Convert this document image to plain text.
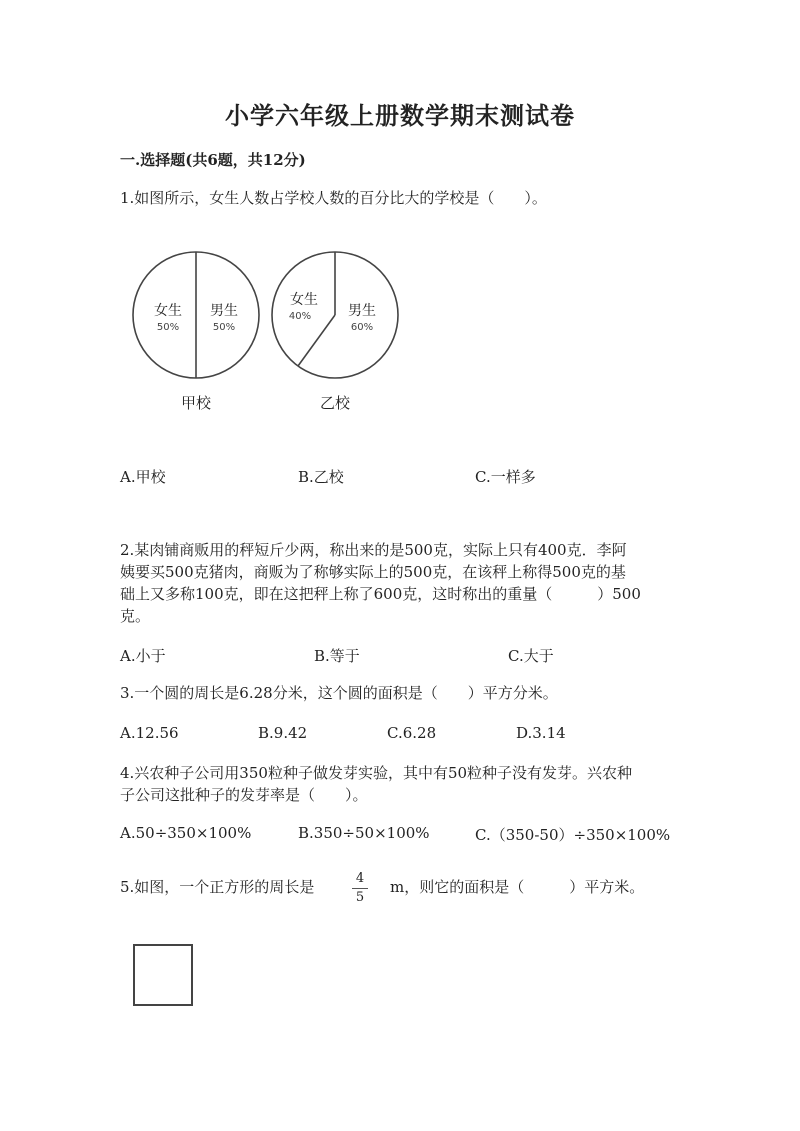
小学六年级上册数学期末测试卷
一.选择题(共6题，共12分)
1.如图所示，女生人数占学校人数的百分比大的学校是（　　）。
女生
50%
男生
50%
甲校
女生
40%	男生
60%
乙校
A.甲校	B.乙校	C.一样多
2.某肉铺商贩用的秤短斤少两，称出来的是500克，实际上只有400克．李阿
姨要买500克猪肉，商贩为了称够实际上的500克，在该秤上称得500克的基
础上又多称100克，即在这把秤上称了600克，这时称出的重量（　　　）500
克。
A.小于	B.等于	C.大于
3.一个圆的周长是6.28分米，这个圆的面积是（　　）平方分米。
A.12.56	B.9.42	C.6.28	D.3.14
4.兴农种子公司用350粒种子做发芽实验，其中有50粒种子没有发芽。兴农种
子公司这批种子的发芽率是（　　）。
A.50÷350×100%	B.350÷50×100%	C.（350-50）÷350×100%
5.如图，一个正方形的周长是	4
5
m，则它的面积是（　　　）平方米。
